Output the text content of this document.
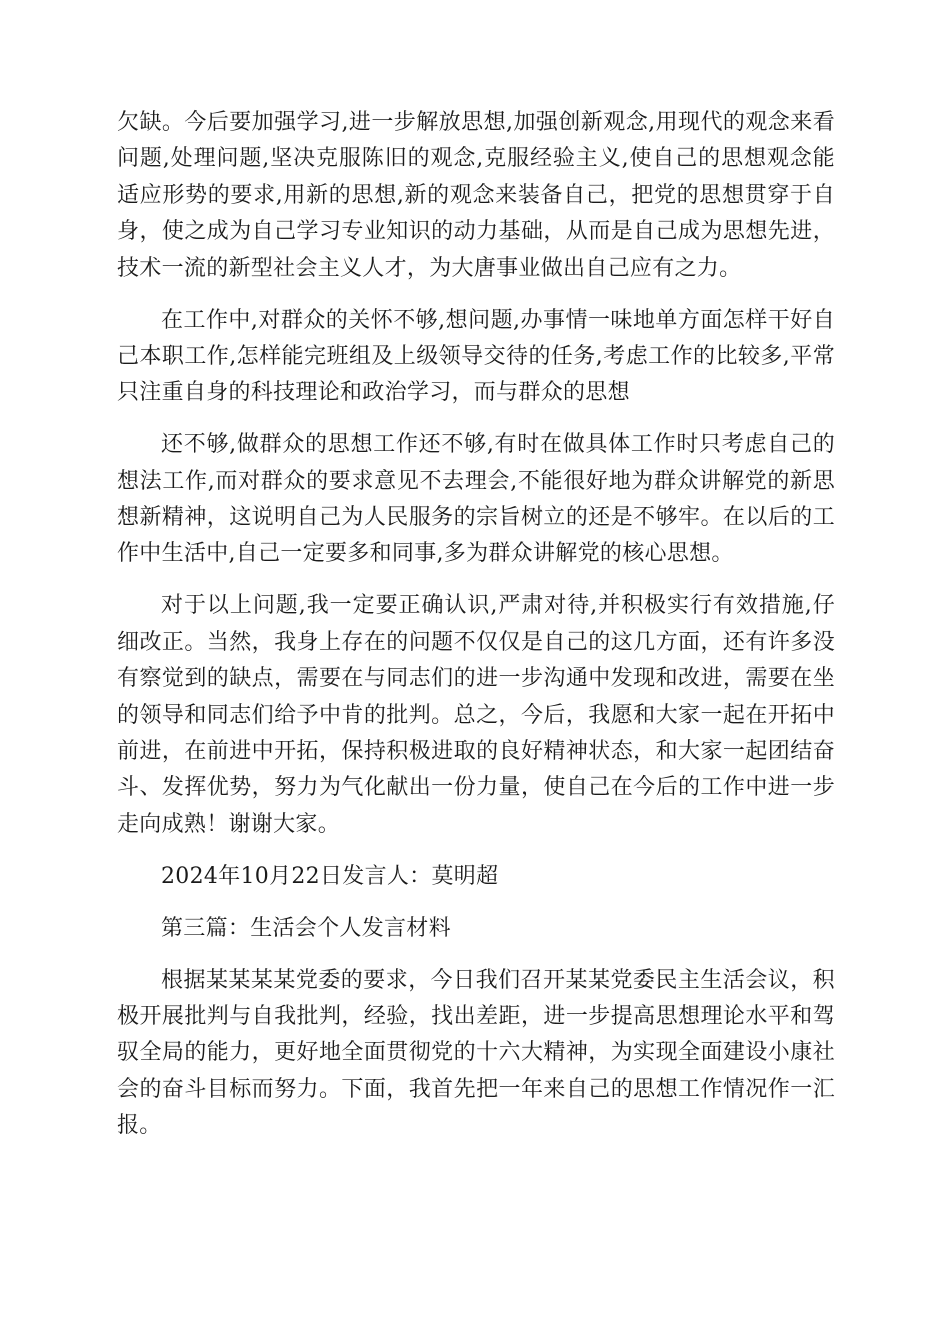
欠缺。今后要加强学习,进一步解放思想,加强创新观念,用现代的观念来看问题,处理问题,坚决克服陈旧的观念,克服经验主义,使自己的思想观念能适应形势的要求,用新的思想,新的观念来装备自己，把党的思想贯穿于自身，使之成为自己学习专业知识的动力基础，从而是自己成为思想先进，技术一流的新型社会主义人才，为大唐事业做出自己应有之力。

在工作中,对群众的关怀不够,想问题,办事情一味地单方面怎样干好自己本职工作,怎样能完班组及上级领导交待的任务,考虑工作的比较多,平常只注重自身的科技理论和政治学习，而与群众的思想

还不够,做群众的思想工作还不够,有时在做具体工作时只考虑自己的想法工作,而对群众的要求意见不去理会,不能很好地为群众讲解党的新思想新精神，这说明自己为人民服务的宗旨树立的还是不够牢。在以后的工作中生活中,自己一定要多和同事,多为群众讲解党的核心思想。

对于以上问题,我一定要正确认识,严肃对待,并积极实行有效措施,仔细改正。当然，我身上存在的问题不仅仅是自己的这几方面，还有许多没有察觉到的缺点，需要在与同志们的进一步沟通中发现和改进，需要在坐的领导和同志们给予中肯的批判。总之，今后，我愿和大家一起在开拓中前进，在前进中开拓，保持积极进取的良好精神状态，和大家一起团结奋斗、发挥优势，努力为气化献出一份力量，使自己在今后的工作中进一步走向成熟！谢谢大家。

2024年10月22日发言人：莫明超

第三篇：生活会个人发言材料

根据某某某某党委的要求，今日我们召开某某党委民主生活会议，积极开展批判与自我批判，经验，找出差距，进一步提高思想理论水平和驾驭全局的能力，更好地全面贯彻党的十六大精神，为实现全面建设小康社会的奋斗目标而努力。下面，我首先把一年来自己的思想工作情况作一汇报。
